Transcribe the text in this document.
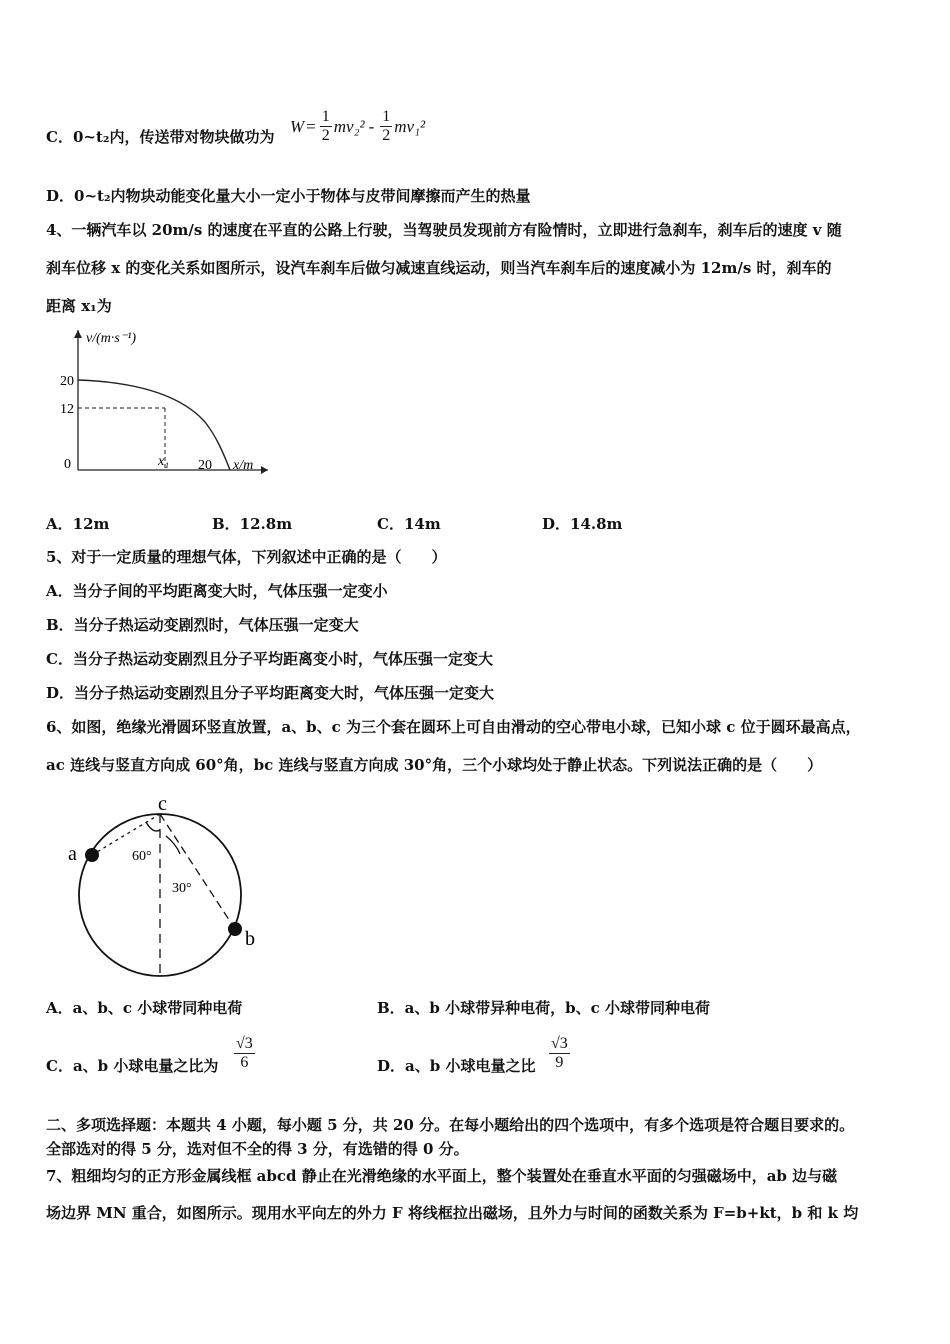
C．0~t₂内，传送带对物块做功为
$W = \frac{1}{2} mv_2^2 - \frac{1}{2} mv_1^2$
D．0~t₂内物块动能变化量大小一定小于物体与皮带间摩擦而产生的热量
4、一辆汽车以 20m/s 的速度在平直的公路上行驶，当驾驶员发现前方有险情时，立即进行急刹车，刹车后的速度 v 随
刹车位移 x 的变化关系如图所示，设汽车刹车后做匀减速直线运动，则当汽车刹车后的速度减小为 12m/s 时，刹车的
距离 x₁为
v/(m·s⁻¹)
20
12
0	x₁ 20 x/m
A．12m	B．12.8m	C．14m	D．14.8m
5、对于一定质量的理想气体，下列叙述中正确的是（　　）
A．当分子间的平均距离变大时，气体压强一定变小
B．当分子热运动变剧烈时，气体压强一定变大
C．当分子热运动变剧烈且分子平均距离变小时，气体压强一定变大
D．当分子热运动变剧烈且分子平均距离变大时，气体压强一定变大
6、如图，绝缘光滑圆环竖直放置，a、b、c 为三个套在圆环上可自由滑动的空心带电小球，已知小球 c 位于圆环最高点，
ac 连线与竖直方向成 60°角，bc 连线与竖直方向成 30°角，三个小球均处于静止状态。下列说法正确的是（　　）
a
b
c
60°
30°
A．a、b、c 小球带同种电荷	B．a、b 小球带异种电荷，b、c 小球带同种电荷
C．a、b 小球电量之比为 $\frac{√3}{6}$	D．a、b 小球电量之比 $\frac{√3}{9}$
二、多项选择题：本题共 4 小题，每小题 5 分，共 20 分。在每小题给出的四个选项中，有多个选项是符合题目要求的。
全部选对的得 5 分，选对但不全的得 3 分，有选错的得 0 分。
7、粗细均匀的正方形金属线框 abcd 静止在光滑绝缘的水平面上，整个装置处在垂直水平面的匀强磁场中，ab 边与磁
场边界 MN 重合，如图所示。现用水平向左的外力 F 将线框拉出磁场，且外力与时间的函数关系为 F=b+kt，b 和 k 均
